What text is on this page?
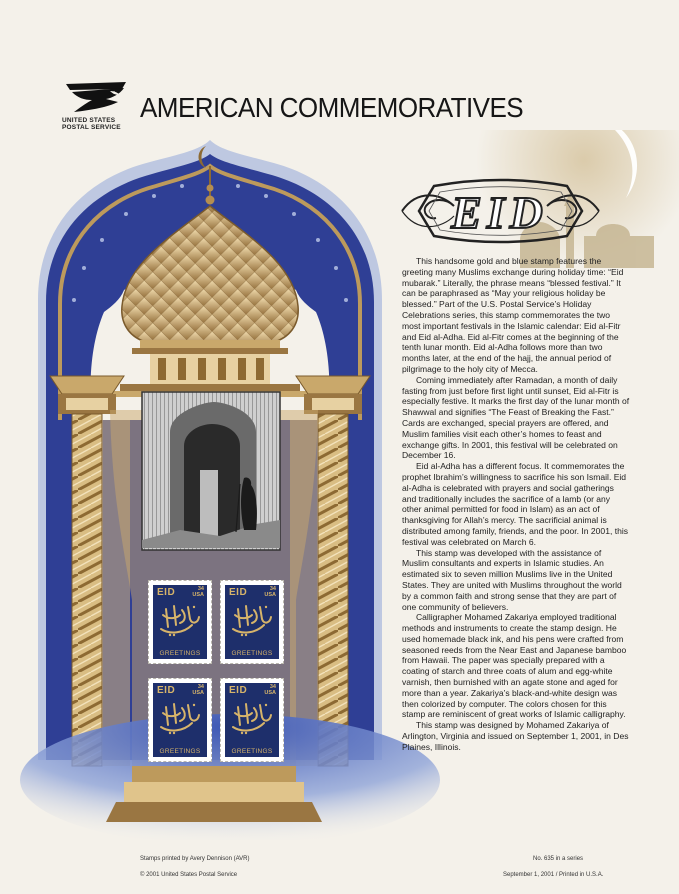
UNITED STATES
POSTAL SERVICE
AMERICAN COMMEMORATIVES
EID

This handsome gold and blue stamp features the greeting many Muslims exchange during holiday time: “Eid mubarak.” Literally, the phrase means “blessed festival.” It can be paraphrased as “May your religious holiday be blessed.” Part of the U.S. Postal Service’s Holiday Celebrations series, this stamp commemorates the two most important festivals in the Islamic calendar: Eid al-Fitr and Eid al-Adha. Eid al-Fitr comes at the beginning of the tenth lunar month. Eid al-Adha follows more than two months later, at the end of the hajj, the annual period of pilgrimage to the holy city of Mecca.

Coming immediately after Ramadan, a month of daily fasting from just before first light until sunset, Eid al-Fitr is especially festive. It marks the first day of the lunar month of Shawwal and signifies “The Feast of Breaking the Fast.” Cards are exchanged, special prayers are offered, and Muslim families visit each other’s homes to feast and exchange gifts. In 2001, this festival will be celebrated on December 16.

Eid al-Adha has a different focus. It commemorates the prophet Ibrahim’s willingness to sacrifice his son Ismail. Eid al-Adha is celebrated with prayers and social gatherings and traditionally includes the sacrifice of a lamb (or any other animal permitted for food in Islam) as an act of thanksgiving for Allah’s mercy. The sacrificial animal is distributed among family, friends, and the poor. In 2001, this festival was celebrated on March 6.

This stamp was developed with the assistance of Muslim consultants and experts in Islamic studies. An estimated six to seven million Muslims live in the United States. They are united with Muslims throughout the world by a common faith and strong sense that they are part of one community of believers.

Calligrapher Mohamed Zakariya employed traditional methods and instruments to create the stamp design. He used homemade black ink, and his pens were crafted from seasoned reeds from the Near East and Japanese bamboo from Hawaii. The paper was specially prepared with a coating of starch and three coats of alum and egg-white varnish, then burnished with an agate stone and aged for more than a year. Zakariya’s black-and-white design was then colorized by computer. The colors chosen for this stamp are reminiscent of great works of Islamic calligraphy.

This stamp was designed by Mohamed Zakariya of Arlington, Virginia and issued on September 1, 2001, in Des Plaines, Illinois.

EID	34
USA
GREETINGS
EID	34
USA
GREETINGS
EID	34
USA
GREETINGS
EID	34
USA
GREETINGS
Stamps printed by Avery Dennison (AVR)
© 2001 United States Postal Service
No. 635 in a series
September 1, 2001 / Printed in U.S.A.
